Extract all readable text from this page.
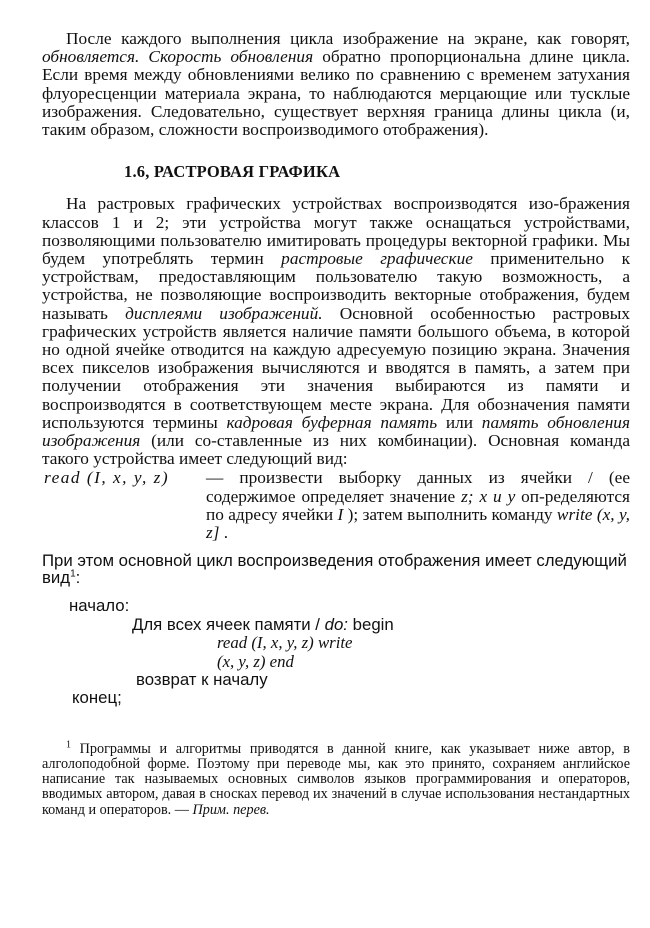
После каждого выполнения цикла изображение на экране, как говорят, обновляется. Скорость обновления обратно пропорциональна длине цикла. Если время между обновлениями велико по сравнению с временем затухания флуоресценции материала экрана, то наблюдаются мерцающие или тусклые изображения. Следовательно, существует верхняя граница длины цикла (и, таким образом, сложности воспроизводимого отображения).

1.6, РАСТРОВАЯ ГРАФИКА

На растровых графических устройствах воспроизводятся изо-бражения классов 1 и 2; эти устройства могут также оснащаться устройствами, позволяющими пользователю имитировать процедуры векторной графики. Мы будем употреблять термин растровые графические применительно к устройствам, предоставляющим пользователю такую возможность, а устройства, не позволяющие воспроизводить векторные отображения, будем называть дисплеями изображений. Основной особенностью растровых графических устройств является наличие памяти большого объема, в которой но одной ячейке отводится на каждую адресуемую позицию экрана. Значения всех пикселов изображения вычисляются и вводятся в память, а затем при получении отображения эти значения выбираются из памяти и воспроизводятся в соответствующем месте экрана. Для обозначения памяти используются термины кадровая буферная память или память обновления изображения (или со-ставленные из них комбинации). Основная команда такого устройства имеет следующий вид:

read (I, x, y, z)	— произвести выборку данных из ячейки / (ее содержимое определяет значение z; x и у оп-ределяются по адресу ячейки I ); затем выполнить команду write (x, y, z] .

При этом основной цикл воспроизведения отображения имеет следующий вид$^1$:

начало:
Для всех ячеек памяти / do: begin
read (I, x, y, z) write
(x, y, z) end
возврат к началу
конец;

$^1$ Программы и алгоритмы приводятся в данной книге, как указывает ниже автор, в алголоподобной форме. Поэтому при переводе мы, как это принято, сохраняем английское написание так называемых основных символов языков программирования и операторов, вводимых автором, давая в сносках перевод их значений в случае использования нестандартных команд и операторов. — Прим. перев.
